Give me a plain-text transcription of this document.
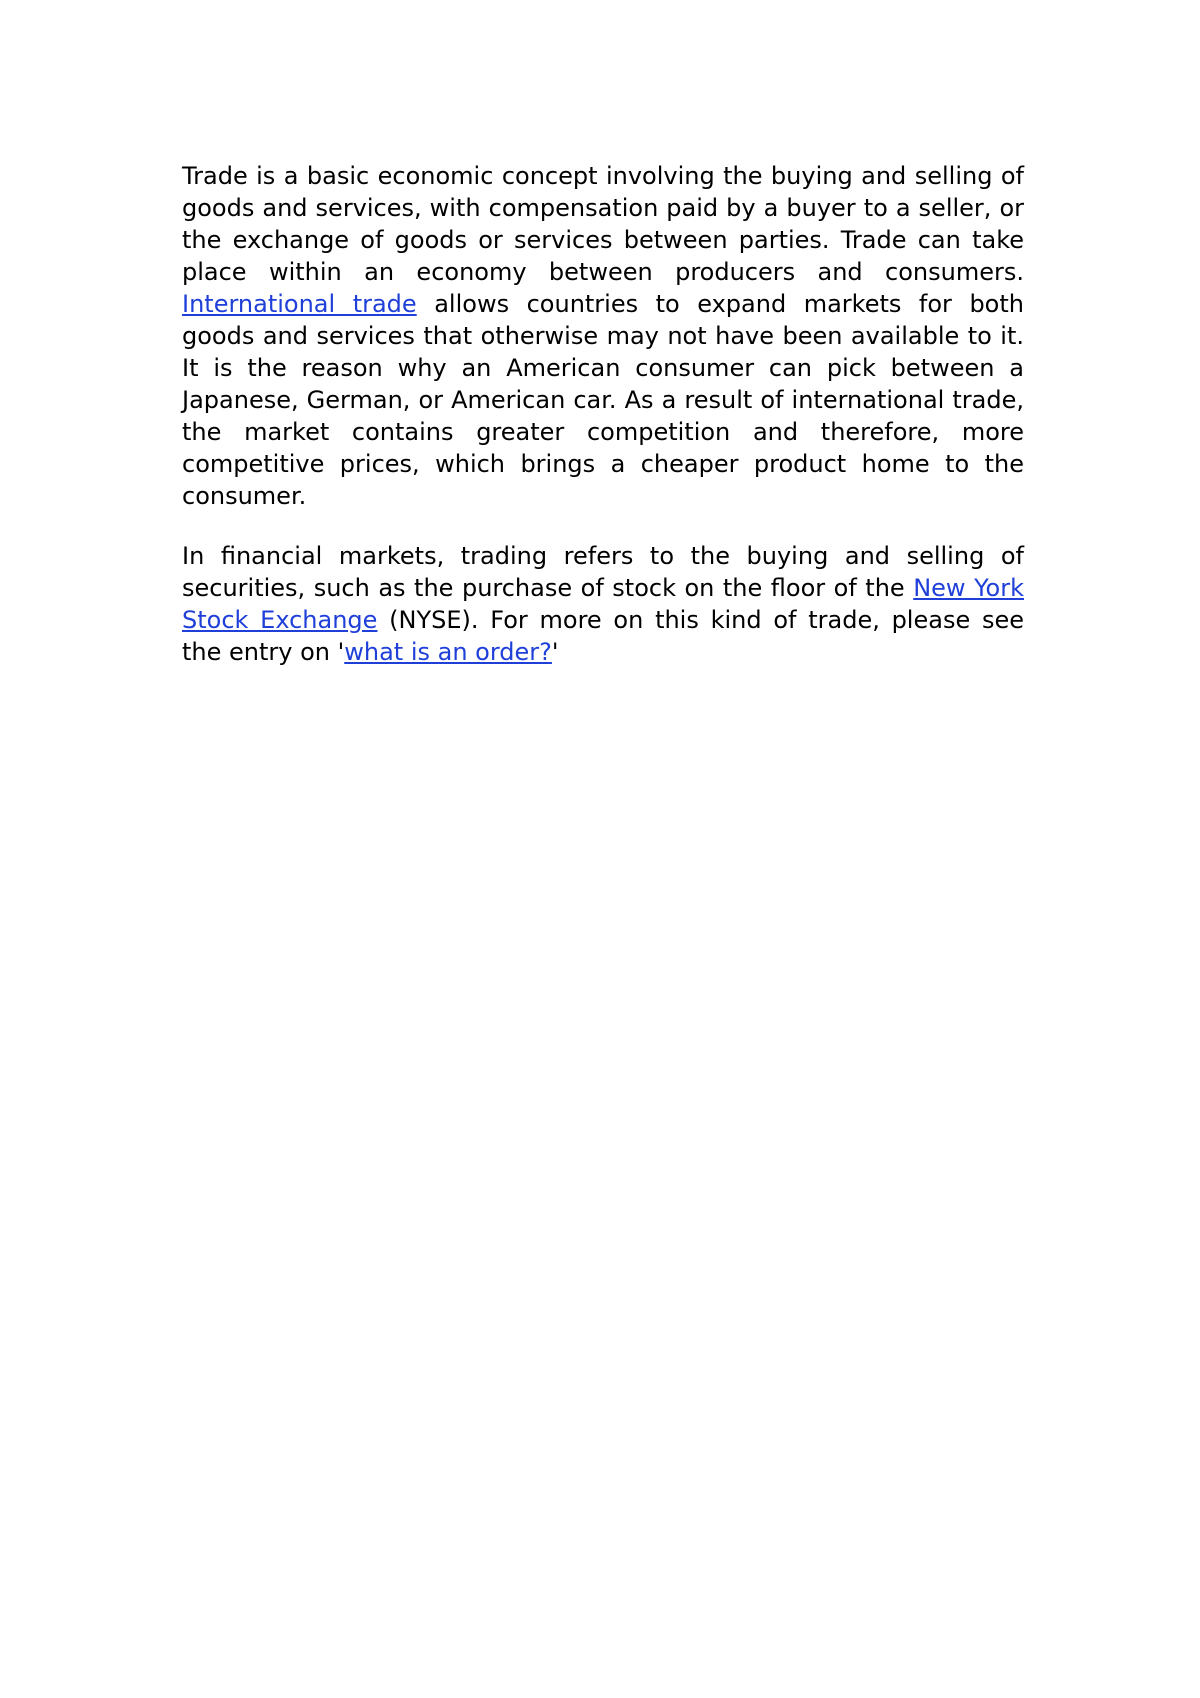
Trade is a basic economic concept involving the buying and selling of goods and services, with compensation paid by a buyer to a seller, or the exchange of goods or services between parties. Trade can take place within an economy between producers and consumers. International trade allows countries to expand markets for both goods and services that otherwise may not have been available to it. It is the reason why an American consumer can pick between a Japanese, German, or American car. As a result of international trade, the market contains greater competition and therefore, more competitive prices, which brings a cheaper product home to the consumer.

In financial markets, trading refers to the buying and selling of securities, such as the purchase of stock on the floor of the New York Stock Exchange (NYSE). For more on this kind of trade, please see the entry on 'what is an order?'
